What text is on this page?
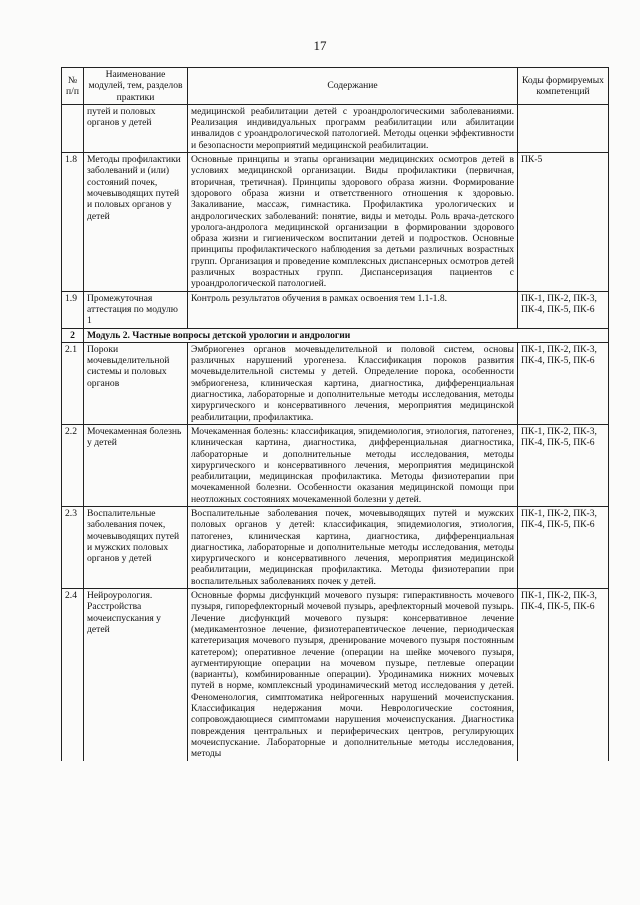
17
№ п/п	Наименование модулей, тем, разделов практики	Содержание	Коды формируемых компетенций
	путей и половых органов у детей	медицинской реабилитации детей с уроандрологическими заболеваниями. Реализация индивидуальных программ реабилитации или абилитации инвалидов с уроандрологической патологией. Методы оценки эффективности и безопасности мероприятий медицинской реабилитации.	
1.8	Методы профилактики заболеваний и (или) состояний почек, мочевыводящих путей и половых органов у детей	Основные принципы и этапы организации медицинских осмотров детей в условиях медицинской организации. Виды профилактики (первичная, вторичная, третичная). Принципы здорового образа жизни. Формирование здорового образа жизни и ответственного отношения к здоровью. Закаливание, массаж, гимнастика. Профилактика урологических и андрологических заболеваний: понятие, виды и методы. Роль врача-детского уролога-андролога медицинской организации в формировании здорового образа жизни и гигиеническом воспитании детей и подростков. Основные принципы профилактического наблюдения за детьми различных возрастных групп. Организация и проведение комплексных диспансерных осмотров детей различных возрастных групп. Диспансеризация пациентов с уроандрологической патологией.	ПК-5
1.9	Промежуточная аттестация по модулю 1	Контроль результатов обучения в рамках освоения тем 1.1-1.8.	ПК-1, ПК-2, ПК-3, ПК-4, ПК-5, ПК-6
2	Модуль 2. Частные вопросы детской урологии и андрологии		
2.1	Пороки мочевыделительной системы и половых органов	Эмбриогенез органов мочевыделительной и половой систем, основы различных нарушений урогенеза. Классификация пороков развития мочевыделительной системы у детей. Определение порока, особенности эмбриогенеза, клиническая картина, диагностика, дифференциальная диагностика, лабораторные и дополнительные методы исследования, методы хирургического и консервативного лечения, мероприятия медицинской реабилитации, профилактика.	ПК-1, ПК-2, ПК-3, ПК-4, ПК-5, ПК-6
2.2	Мочекаменная болезнь у детей	Мочекаменная болезнь: классификация, эпидемиология, этиология, патогенез, клиническая картина, диагностика, дифференциальная диагностика, лабораторные и дополнительные методы исследования, методы хирургического и консервативного лечения, мероприятия медицинской реабилитации, медицинская профилактика. Методы физиотерапии при мочекаменной болезни. Особенности оказания медицинской помощи при неотложных состояниях мочекаменной болезни у детей.	ПК-1, ПК-2, ПК-3, ПК-4, ПК-5, ПК-6
2.3	Воспалительные заболевания почек, мочевыводящих путей и мужских половых органов у детей	Воспалительные заболевания почек, мочевыводящих путей и мужских половых органов у детей: классификация, эпидемиология, этиология, патогенез, клиническая картина, диагностика, дифференциальная диагностика, лабораторные и дополнительные методы исследования, методы хирургического и консервативного лечения, мероприятия медицинской реабилитации, медицинская профилактика. Методы физиотерапии при воспалительных заболеваниях почек у детей.	ПК-1, ПК-2, ПК-3, ПК-4, ПК-5, ПК-6
2.4	Нейроурология. Расстройства мочеиспускания у детей	Основные формы дисфункций мочевого пузыря: гиперактивность мочевого пузыря, гипорефлекторный мочевой пузырь, арефлекторный мочевой пузырь. Лечение дисфункций мочевого пузыря: консервативное лечение (медикаментозное лечение, физиотерапевтическое лечение, периодическая катетеризация мочевого пузыря, дренирование мочевого пузыря постоянным катетером); оперативное лечение (операции на шейке мочевого пузыря, аугментирующие операции на мочевом пузыре, петлевые операции (варианты), комбинированные операции). Уродинамика нижних мочевых путей в норме, комплексный уродинамический метод исследования у детей. Феноменология, симптоматика нейрогенных нарушений мочеиспускания. Классификация недержания мочи. Неврологические состояния, сопровождающиеся симптомами нарушения мочеиспускания. Диагностика повреждения центральных и периферических центров, регулирующих мочеиспускание. Лабораторные и дополнительные методы исследования, методы	ПК-1, ПК-2, ПК-3, ПК-4, ПК-5, ПК-6
